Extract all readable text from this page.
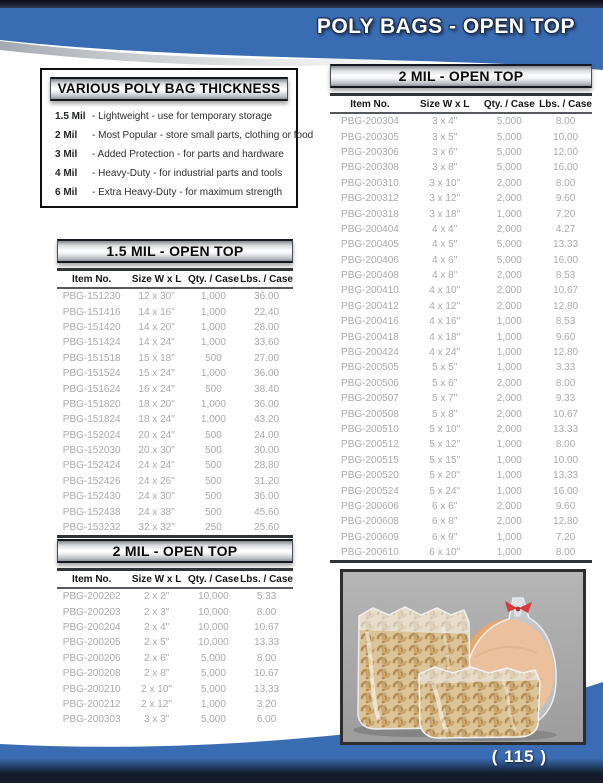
POLY BAGS - OPEN TOP
VARIOUS POLY BAG THICKNESS
1.5 Mil - Lightweight - use for temporary storage
2 Mil - Most Popular - store small parts, clothing or food
3 Mil - Added Protection - for parts and hardware
4 Mil - Heavy-Duty - for industrial parts and tools
6 Mil - Extra Heavy-Duty - for maximum strength
1.5 MIL - OPEN TOP
Item No.	Size W x L	Qty. / Case	Lbs. / Case
PBG-151230	12 x 30"	1,000	36.00
PBG-151416	14 x 16"	1,000	22.40
PBG-151420	14 x 20"	1,000	28.00
PBG-151424	14 x 24"	1,000	33.60
PBG-151518	15 x 18"	500	27.00
PBG-151524	15 x 24"	1,000	36.00
PBG-151624	16 x 24"	500	38.40
PBG-151820	18 x 20"	1,000	36.00
PBG-151824	18 x 24"	1,000	43.20
PBG-152024	20 x 24"	500	24.00
PBG-152030	20 x 30"	500	30.00
PBG-152424	24 x 24"	500	28.80
PBG-152426	24 x 26"	500	31.20
PBG-152430	24 x 30"	500	36.00
PBG-152438	24 x 38"	500	45.60
PBG-153232	32 x 32"	250	25.60
2 MIL - OPEN TOP
Item No.	Size W x L	Qty. / Case	Lbs. / Case
PBG-200202	2 x 2"	10,000	5.33
PBG-200203	2 x 3"	10,000	8.00
PBG-200204	2 x 4"	10,000	10.67
PBG-200205	2 x 5"	10,000	13.33
PBG-200206	2 x 6"	5,000	8.00
PBG-200208	2 x 8"	5,000	10.67
PBG-200210	2 x 10"	5,000	13.33
PBG-200212	2 x 12"	1,000	3.20
PBG-200303	3 x 3"	5,000	6.00
2 MIL - OPEN TOP
Item No.	Size W x L	Qty. / Case	Lbs. / Case
PBG-200304	3 x 4"	5,000	8.00
PBG-200305	3 x 5"	5,000	10.00
PBG-200306	3 x 6"	5,000	12.00
PBG-200308	3 x 8"	5,000	16.00
PBG-200310	3 x 10"	2,000	8.00
PBG-200312	3 x 12"	2,000	9.60
PBG-200318	3 x 18"	1,000	7.20
PBG-200404	4 x 4"	2,000	4.27
PBG-200405	4 x 5"	5,000	13.33
PBG-200406	4 x 6"	5,000	16.00
PBG-200408	4 x 8"	2,000	8.53
PBG-200410	4 x 10"	2,000	10.67
PBG-200412	4 x 12"	2,000	12.80
PBG-200416	4 x 16"	1,000	8.53
PBG-200418	4 x 18"	1,000	9.60
PBG-200424	4 x 24"	1,000	12.80
PBG-200505	5 x 5"	1,000	3.33
PBG-200506	5 x 6"	2,000	8.00
PBG-200507	5 x 7"	2,000	9.33
PBG-200508	5 x 8"	2,000	10.67
PBG-200510	5 x 10"	2,000	13.33
PBG-200512	5 x 12"	1,000	8.00
PBG-200515	5 x 15"	1,000	10.00
PBG-200520	5 x 20"	1,000	13.33
PBG-200524	5 x 24"	1,000	16.00
PBG-200606	6 x 6"	2,000	9.60
PBG-200608	6 x 8"	2,000	12.80
PBG-200609	6 x 9"	1,000	7.20
PBG-200610	6 x 10"	1,000	8.00
( 115 )
